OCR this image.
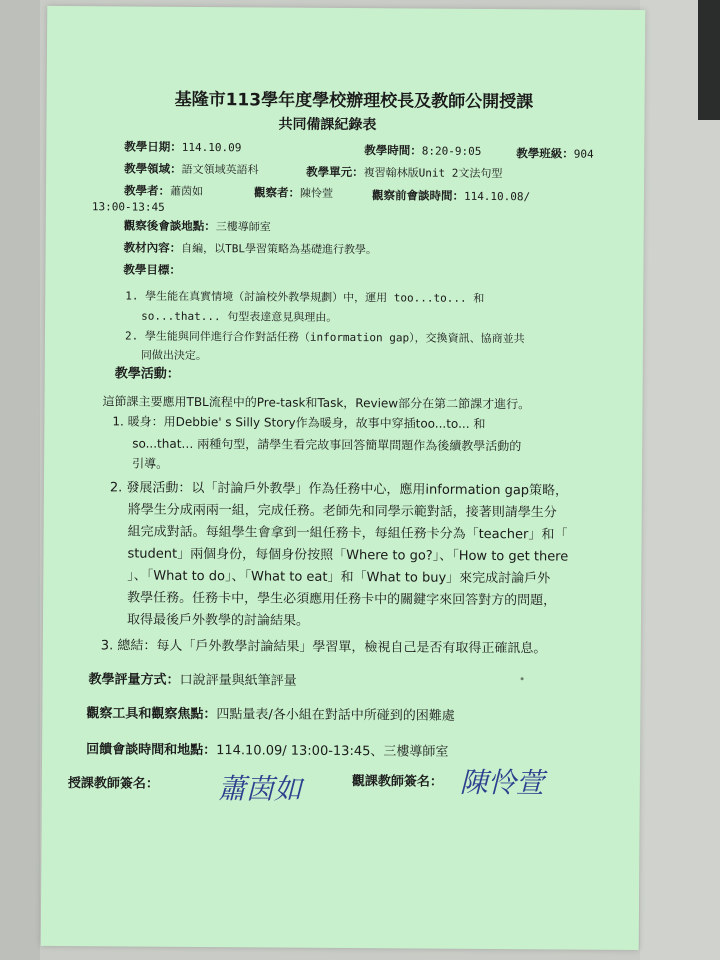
基隆市113學年度學校辦理校長及教師公開授課
共同備課紀錄表
教學日期：114.10.09	教學時間：8:20-9:05	教學班級：904
教學領域：語文領域英語科	教學單元：複習翰林版Unit 2文法句型
教學者：蕭茵如	觀察者：陳怜萱	觀察前會談時間：114.10.08/
13:00-13:45
觀察後會談地點：三樓導師室
教材內容：自編，以TBL學習策略為基礎進行教學。
教學目標：
1. 學生能在真實情境（討論校外教學規劃）中，運用 too...to... 和
so...that... 句型表達意見與理由。
2. 學生能與同伴進行合作對話任務（information gap），交換資訊、協商並共
同做出決定。
教學活動：
這節課主要應用TBL流程中的Pre-task和Task，Review部分在第二節課才進行。
1. 暖身：用Debbie' s Silly Story作為暖身，故事中穿插too...to... 和
so...that… 兩種句型，請學生看完故事回答簡單問題作為後續教學活動的
引導。
2. 發展活動：以「討論戶外教學」作為任務中心，應用information gap策略，
將學生分成兩兩一組，完成任務。老師先和同學示範對話，接著則請學生分
組完成對話。每組學生會拿到一組任務卡，每組任務卡分為「teacher」和「
student」兩個身份，每個身份按照「Where to go?」、「How to get there
」、「What to do」、「What to eat」和「What to buy」來完成討論戶外
教學任務。任務卡中，學生必須應用任務卡中的關鍵字來回答對方的問題，
取得最後戶外教學的討論結果。
3. 總結：每人「戶外教學討論結果」學習單，檢視自己是否有取得正確訊息。
教學評量方式：口說評量與紙筆評量
觀察工具和觀察焦點：四點量表/各小組在對話中所碰到的困難處
回饋會談時間和地點：114.10.09/ 13:00-13:45、三樓導師室
授課教師簽名： 蕭茵如	觀課教師簽名： 陳怜萱
